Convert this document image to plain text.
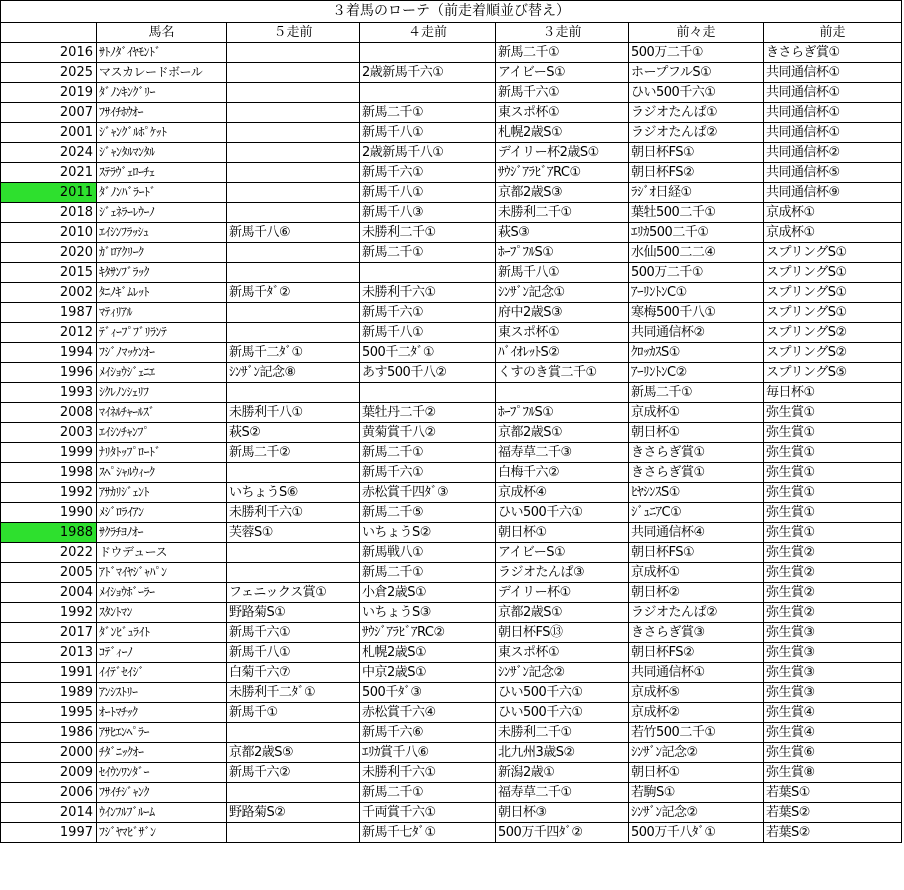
３着馬のローテ（前走着順並び替え）
	馬名	５走前	４走前	３走前	前々走	前走
2016	ｻﾄﾉﾀﾞｲﾔﾓﾝﾄﾞ			新馬二千①	500万二千①	きさらぎ賞①
2025	マスカレードボール		2歳新馬千六①	アイビーS①	ホープフルS①	共同通信杯①
2019	ﾀﾞﾉﾝｷﾝｸﾞﾘｰ			新馬千六①	ひい500千六①	共同通信杯①
2007	ﾌｻｲﾁﾎｳｵｰ		新馬二千①	東スポ杯①	ラジオたんぱ①	共同通信杯①
2001	ｼﾞｬﾝｸﾞﾙﾎﾟｹｯﾄ		新馬千八①	札幌2歳S①	ラジオたんぱ②	共同通信杯①
2024	ｼﾞｬﾝﾀﾙﾏﾝﾀﾙ		2歳新馬千八①	デイリー杯2歳S①	朝日杯FS①	共同通信杯②
2021	ｽﾃﾗｳﾞｪﾛｰﾁｪ		新馬千六①	ｻｳｼﾞｱﾗﾋﾞｱRC①	朝日杯FS②	共同通信杯⑤
2011	ﾀﾞﾉﾝﾊﾞﾗｰﾄﾞ		新馬千八①	京都2歳S③	ﾗｼﾞｵ日経①	共同通信杯⑨
2018	ｼﾞｪﾈﾗｰﾚｳｰﾉ		新馬千八③	未勝利二千①	葉牡500二千①	京成杯①
2010	ｴｲｼﾝﾌﾗｯｼｭ	新馬千八⑥	未勝利二千①	萩S③	ｴﾘｶ500二千①	京成杯①
2020	ｶﾞﾛｱｸﾘｰｸ		新馬二千①	ﾎｰﾌﾟﾌﾙS①	水仙500二二④	スプリングS①
2015	ｷﾀｻﾝﾌﾞﾗｯｸ			新馬千八①	500万二千①	スプリングS①
2002	ﾀﾆﾉｷﾞﾑﾚｯﾄ	新馬千ﾀﾞ②	未勝利千六①	ｼﾝｻﾞﾝ記念①	ｱｰﾘﾝﾄﾝC①	スプリングS①
1987	ﾏﾃｨﾘｱﾙ		新馬千六①	府中2歳S③	寒梅500千八①	スプリングS①
2012	ﾃﾞｨｰﾌﾟﾌﾞﾘﾗﾝﾃ		新馬千八①	東スポ杯①	共同通信杯②	スプリングS②
1994	ﾌｼﾞﾉﾏｯｹﾝｵｰ	新馬千二ﾀﾞ①	500千二ﾀﾞ①	ﾊﾞｲｵﾚｯﾄS②	ｸﾛｯｶｽS①	スプリングS②
1996	ﾒｲｼｮｳｼﾞｪﾆｴ	ｼﾝｻﾞﾝ記念⑧	あす500千八②	くすのき賞二千①	ｱｰﾘﾝﾄﾝC②	スプリングS⑤
1993	ｼｸﾚﾉﾝｼｪﾘﾌ				新馬二千①	毎日杯①
2008	ﾏｲﾈﾙﾁｬｰﾙｽﾞ	未勝利千八①	葉牡丹二千②	ﾎｰﾌﾟﾌﾙS①	京成杯①	弥生賞①
2003	ｴｲｼﾝﾁｬﾝﾌﾟ	萩S②	黄菊賞千八②	京都2歳S①	朝日杯①	弥生賞①
1999	ﾅﾘﾀﾄｯﾌﾟﾛｰﾄﾞ	新馬二千②	新馬二千①	福寿草二千③	きさらぎ賞①	弥生賞①
1998	ｽﾍﾟｼｬﾙｳｨｰｸ		新馬千六①	白梅千六②	きさらぎ賞①	弥生賞①
1992	ｱｻｶﾘｼﾞｪﾝﾄ	いちょうS⑥	赤松賞千四ﾀﾞ③	京成杯④	ﾋﾔｼﾝｽS①	弥生賞①
1990	ﾒｼﾞﾛﾗｲｱﾝ	未勝利千六①	新馬二千⑤	ひい500千六①	ｼﾞｭﾆｱC①	弥生賞①
1988	ｻｸﾗﾁﾖﾉｵｰ	芙蓉S①	いちょうS②	朝日杯①	共同通信杯④	弥生賞①
2022	ドウデュース		新馬戦八①	アイビーS①	朝日杯FS①	弥生賞②
2005	ｱﾄﾞﾏｲﾔｼﾞｬﾊﾟﾝ		新馬二千①	ラジオたんぱ③	京成杯①	弥生賞②
2004	ﾒｲｼｮｳﾎﾞｰﾗｰ	フェニックス賞①	小倉2歳S①	デイリー杯①	朝日杯②	弥生賞②
1992	ｽﾀﾝﾄﾏﾝ	野路菊S①	いちょうS③	京都2歳S①	ラジオたんぱ②	弥生賞②
2017	ﾀﾞﾝﾋﾞｭﾗｲﾄ	新馬千六①	ｻｳｼﾞｱﾗﾋﾞｱRC②	朝日杯FS⑬	きさらぎ賞③	弥生賞③
2013	ｺﾃﾞｨｰﾉ	新馬千八①	札幌2歳S①	東スポ杯①	朝日杯FS②	弥生賞③
1991	ｲｲﾃﾞｾｲｼﾞ	白菊千六⑦	中京2歳S①	ｼﾝｻﾞﾝ記念②	共同通信杯①	弥生賞③
1989	ｱﾝｼｽﾄﾘｰ	未勝利千二ﾀﾞ①	500千ﾀﾞ③	ひい500千六①	京成杯⑤	弥生賞③
1995	ｵｰﾄﾏﾁｯｸ	新馬千①	赤松賞千六④	ひい500千六①	京成杯②	弥生賞④
1986	ｱｻﾋｴﾝﾍﾟﾗｰ		新馬千六⑥	未勝利二千①	若竹500二千①	弥生賞④
2000	ﾁﾀﾞﾆｯｸｵｰ	京都2歳S⑤	ｴﾘｶ賞千八⑥	北九州3歳S②	ｼﾝｻﾞﾝ記念②	弥生賞⑥
2009	ｾｲｳﾝﾜﾝﾀﾞｰ	新馬千六②	未勝利千六①	新潟2歳①	朝日杯①	弥生賞⑧
2006	ﾌｻｲﾁｼﾞｬﾝｸ		新馬二千①	福寿草二千①	若駒S①	若葉S①
2014	ｳｲﾝﾌﾙﾌﾞﾙｰﾑ	野路菊S②	千両賞千六①	朝日杯③	ｼﾝｻﾞﾝ記念②	若葉S②
1997	ﾌｼﾞﾔﾏﾋﾞｻﾞﾝ		新馬千七ﾀﾞ①	500万千四ﾀﾞ②	500万千八ﾀﾞ①	若葉S②
